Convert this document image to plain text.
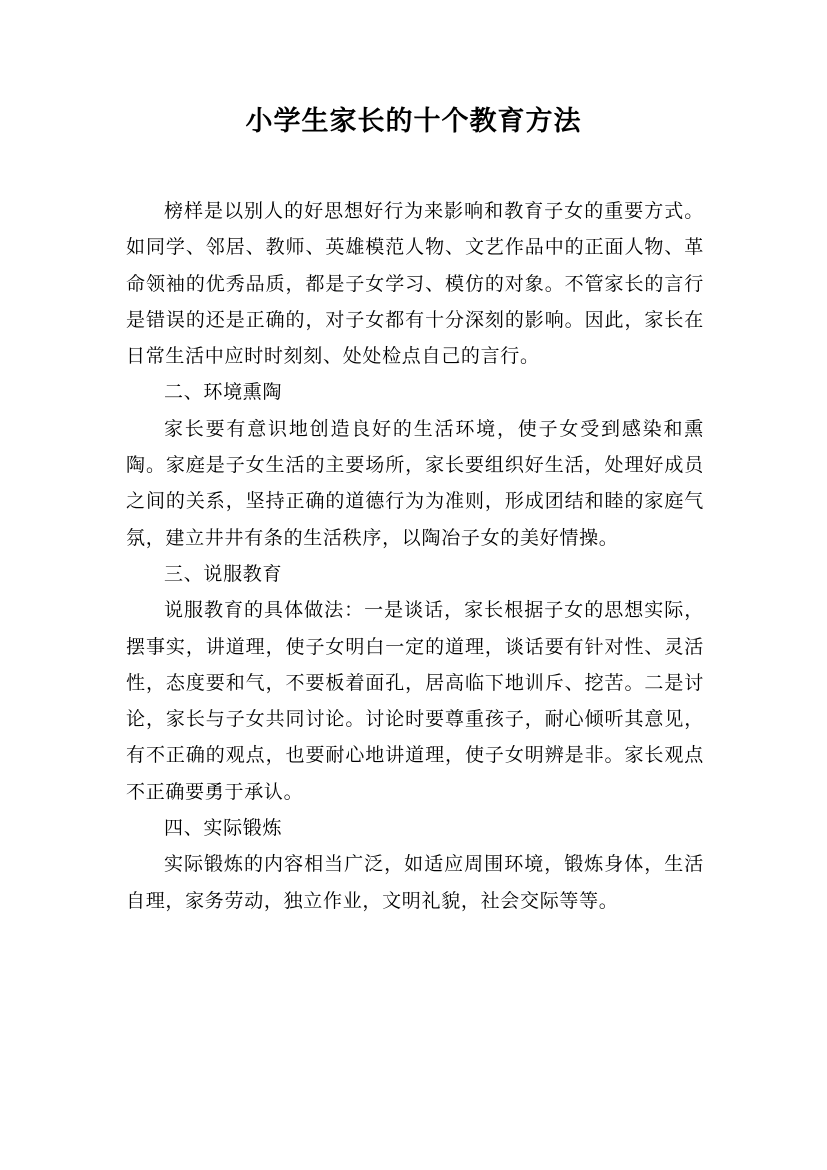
小学生家长的十个教育方法

榜样是以别人的好思想好行为来影响和教育子女的重要方式。如同学、邻居、教师、英雄模范人物、文艺作品中的正面人物、革命领袖的优秀品质，都是子女学习、模仿的对象。不管家长的言行是错误的还是正确的，对子女都有十分深刻的影响。因此，家长在日常生活中应时时刻刻、处处检点自己的言行。

二、环境熏陶

家长要有意识地创造良好的生活环境，使子女受到感染和熏陶。家庭是子女生活的主要场所，家长要组织好生活，处理好成员之间的关系，坚持正确的道德行为为准则，形成团结和睦的家庭气氛，建立井井有条的生活秩序，以陶冶子女的美好情操。

三、说服教育

说服教育的具体做法：一是谈话，家长根据子女的思想实际，摆事实，讲道理，使子女明白一定的道理，谈话要有针对性、灵活性，态度要和气，不要板着面孔，居高临下地训斥、挖苦。二是讨论，家长与子女共同讨论。讨论时要尊重孩子，耐心倾听其意见，有不正确的观点，也要耐心地讲道理，使子女明辨是非。家长观点不正确要勇于承认。

四、实际锻炼

实际锻炼的内容相当广泛，如适应周围环境，锻炼身体，生活自理，家务劳动，独立作业，文明礼貌，社会交际等等。
